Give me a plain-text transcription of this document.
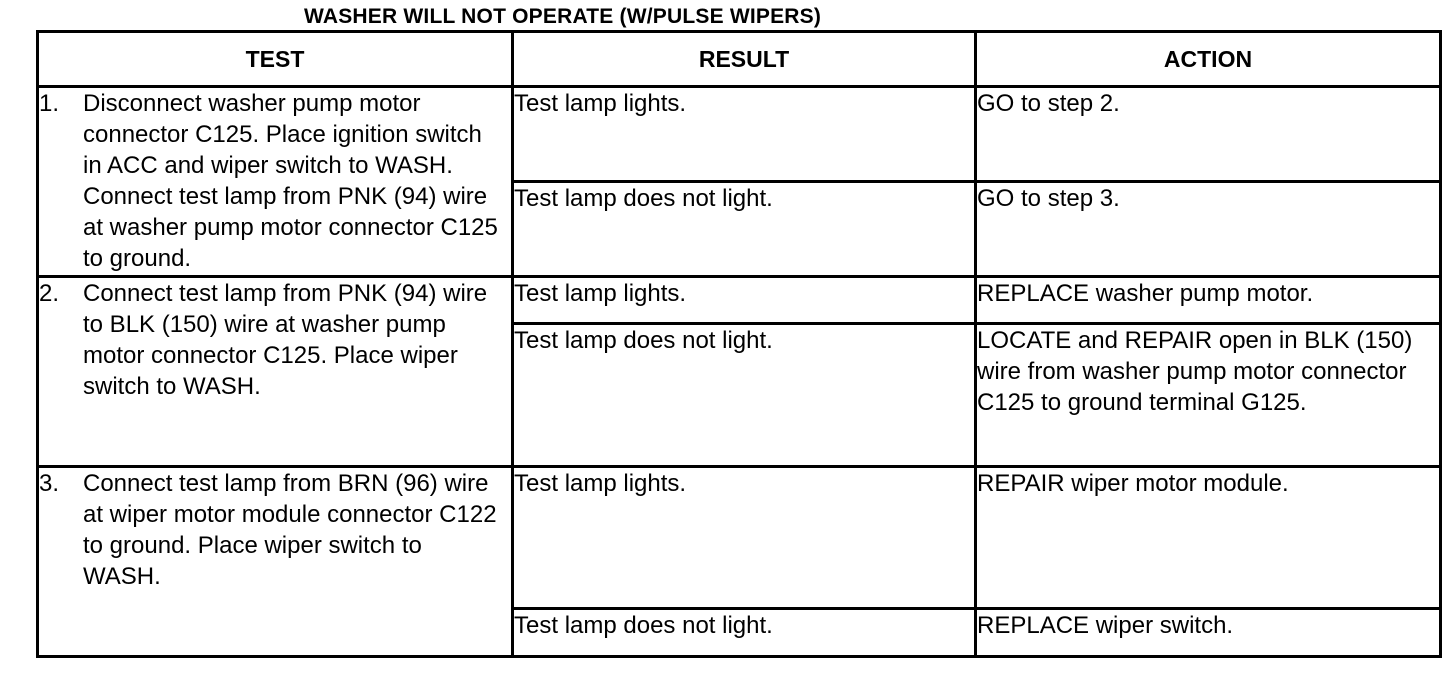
WASHER WILL NOT OPERATE (W/PULSE WIPERS)
TEST	RESULT	ACTION

1. Disconnect washer pump motor connector C125. Place ignition switch in ACC and wiper switch to WASH. Connect test lamp from PNK (94) wire at washer pump motor connector C125 to ground.	Test lamp lights.	GO to step 2.
	Test lamp does not light.	GO to step 3.

2. Connect test lamp from PNK (94) wire to BLK (150) wire at washer pump motor connector C125. Place wiper switch to WASH.	Test lamp lights.	REPLACE washer pump motor.
	Test lamp does not light.	LOCATE and REPAIR open in BLK (150) wire from washer pump motor connector C125 to ground terminal G125.

3. Connect test lamp from BRN (96) wire at wiper motor module connector C122 to ground. Place wiper switch to WASH.	Test lamp lights.	REPAIR wiper motor module.
	Test lamp does not light.	REPLACE wiper switch.
